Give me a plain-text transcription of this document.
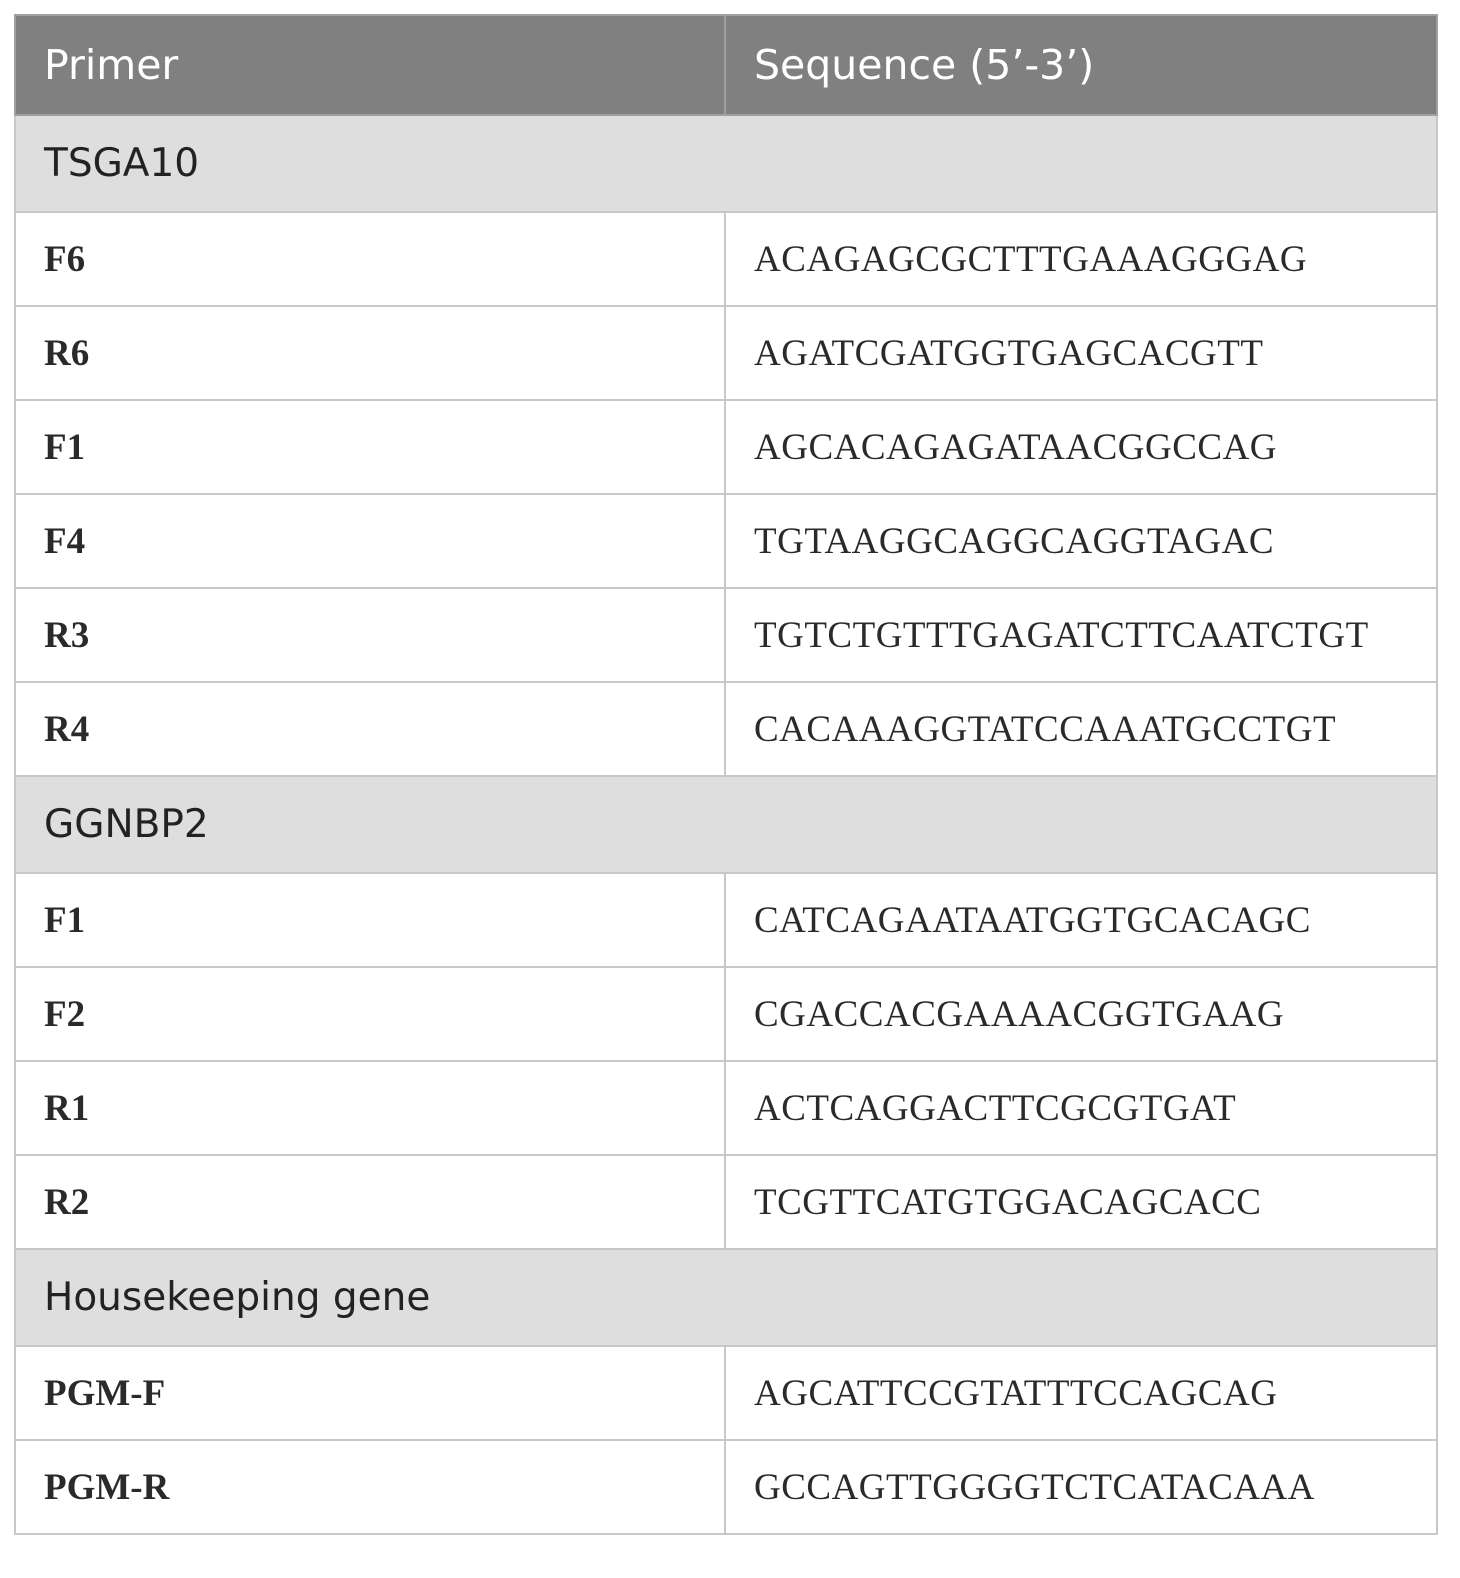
Primer	Sequence (5’-3’)
TSGA10	
F6	ACAGAGCGCTTTGAAAGGGAG
R6	AGATCGATGGTGAGCACGTT
F1	AGCACAGAGATAACGGCCAG
F4	TGTAAGGCAGGCAGGTAGAC
R3	TGTCTGTTTGAGATCTTCAATCTGT
R4	CACAAAGGTATCCAAATGCCTGT
GGNBP2	
F1	CATCAGAATAATGGTGCACAGC
F2	CGACCACGAAAACGGTGAAG
R1	ACTCAGGACTTCGCGTGAT
R2	TCGTTCATGTGGACAGCACC
Housekeeping gene	
PGM-F	AGCATTCCGTATTTCCAGCAG
PGM-R	GCCAGTTGGGGTCTCATACAAA
